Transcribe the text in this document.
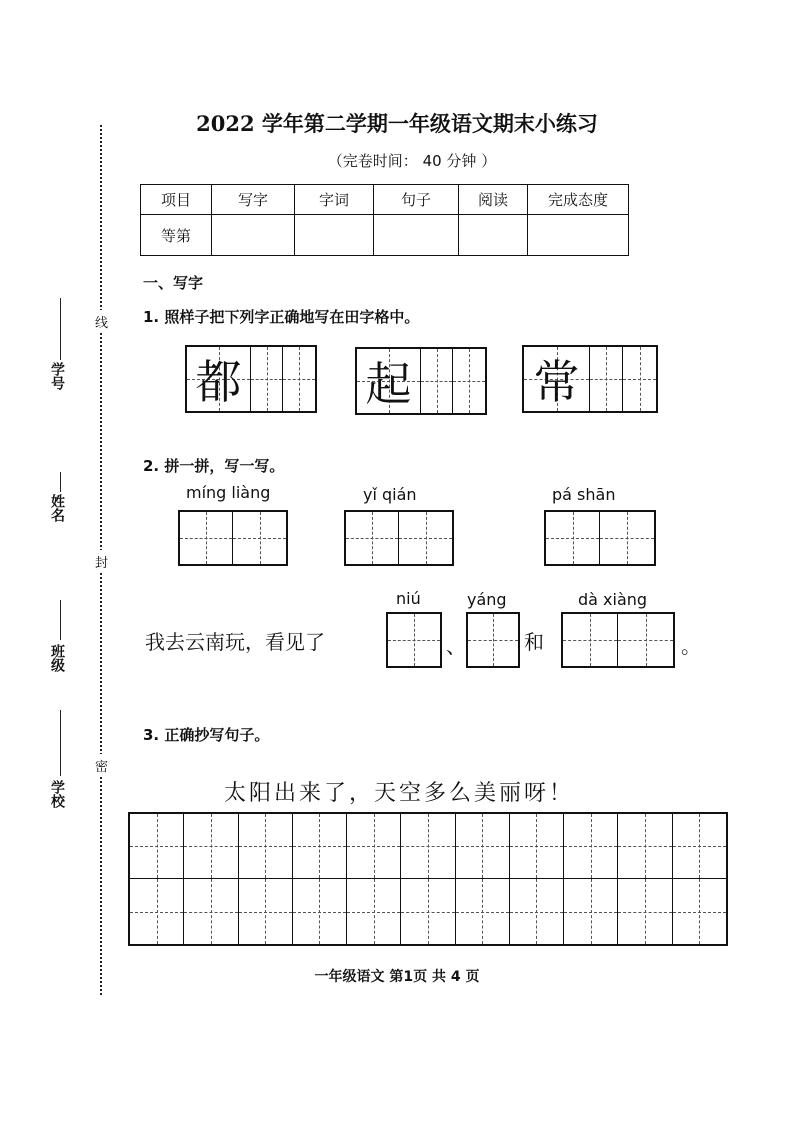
学号
姓名
班级
学校
线
封
密
2022 学年第二学期一年级语文期末小练习
（完卷时间： 40 分钟 ）
项目	写字	字词	句子	阅读	完成态度
等第					
一、写字
1. 照样子把下列字正确地写在田字格中。
都	起	常
2. 拼一拼，写一写。
míng liàng	yǐ qián	pá shān
niú	yáng	dà xiàng
我去云南玩，看见了	、	和	。
3. 正确抄写句子。
太阳出来了，天空多么美丽呀！
一年级语文 第1页 共 4 页
